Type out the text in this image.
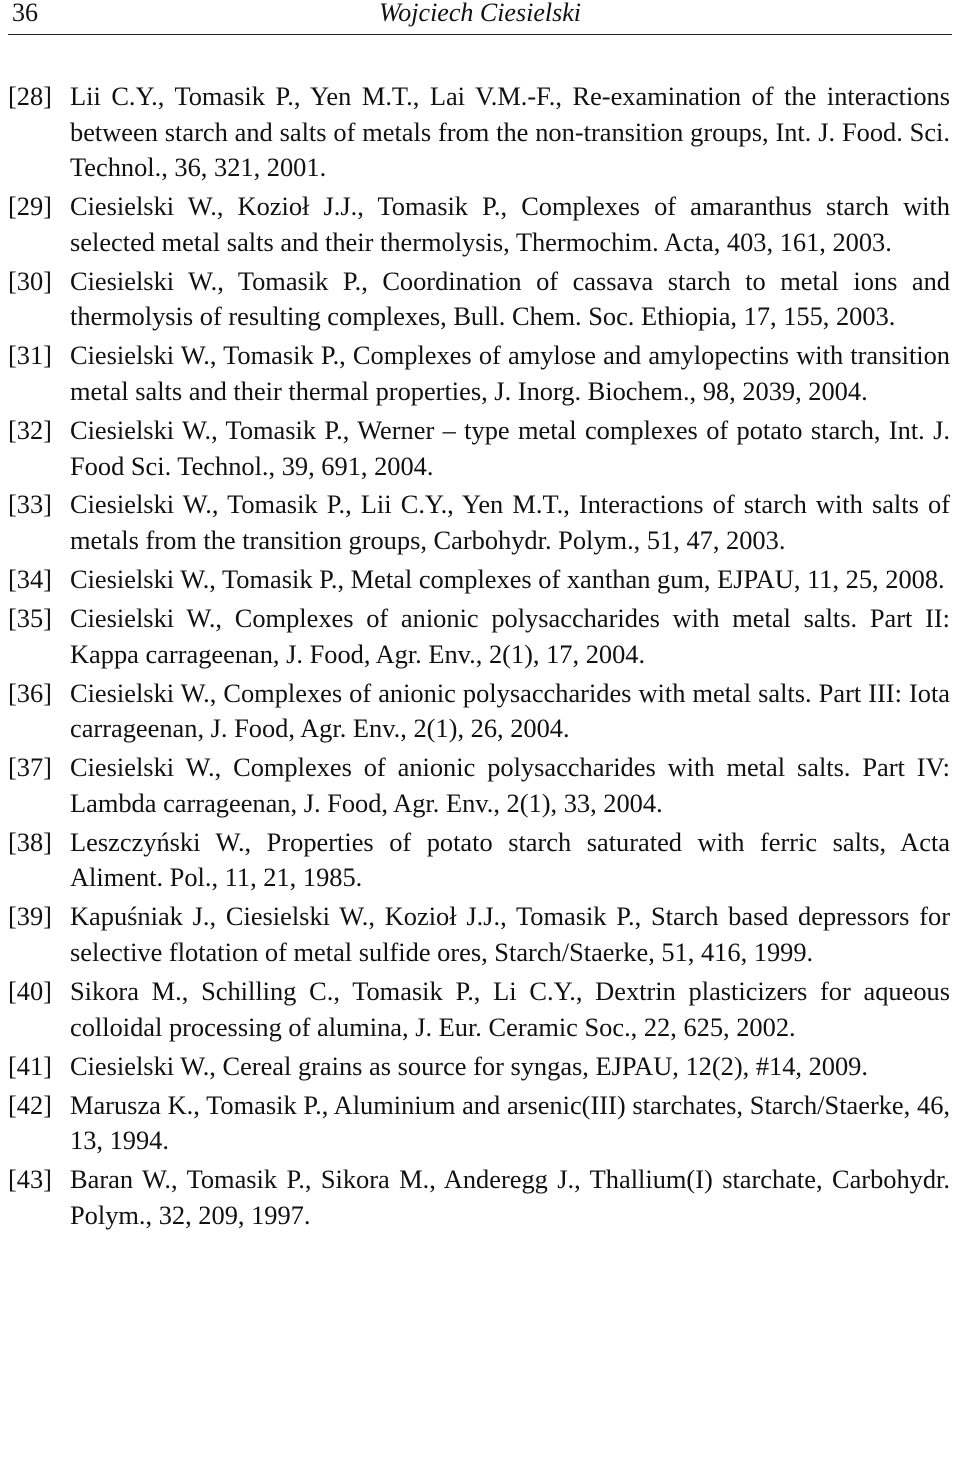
36	Wojciech Ciesielski
[28] Lii C.Y., Tomasik P., Yen M.T., Lai V.M.-F., Re-examination of the interactions between starch and salts of metals from the non-transition groups, Int. J. Food. Sci. Technol., 36, 321, 2001.
[29] Ciesielski W., Kozioł J.J., Tomasik P., Complexes of amaranthus starch with selected metal salts and their thermolysis, Thermochim. Acta, 403, 161, 2003.
[30] Ciesielski W., Tomasik P., Coordination of cassava starch to metal ions and thermolysis of resulting complexes, Bull. Chem. Soc. Ethiopia, 17, 155, 2003.
[31] Ciesielski W., Tomasik P., Complexes of amylose and amylopectins with transition metal salts and their thermal properties, J. Inorg. Biochem., 98, 2039, 2004.
[32] Ciesielski W., Tomasik P., Werner – type metal complexes of potato starch, Int. J. Food Sci. Technol., 39, 691, 2004.
[33] Ciesielski W., Tomasik P., Lii C.Y., Yen M.T., Interactions of starch with salts of metals from the transition groups, Carbohydr. Polym., 51, 47, 2003.
[34] Ciesielski W., Tomasik P., Metal complexes of xanthan gum, EJPAU, 11, 25, 2008.
[35] Ciesielski W., Complexes of anionic polysaccharides with metal salts. Part II: Kappa carrageenan, J. Food, Agr. Env., 2(1), 17, 2004.
[36] Ciesielski W., Complexes of anionic polysaccharides with metal salts. Part III: Iota carrageenan, J. Food, Agr. Env., 2(1), 26, 2004.
[37] Ciesielski W., Complexes of anionic polysaccharides with metal salts. Part IV: Lambda carrageenan, J. Food, Agr. Env., 2(1), 33, 2004.
[38] Leszczyński W., Properties of potato starch saturated with ferric salts, Acta Aliment. Pol., 11, 21, 1985.
[39] Kapuśniak J., Ciesielski W., Kozioł J.J., Tomasik P., Starch based depressors for selective flotation of metal sulfide ores, Starch/Staerke, 51, 416, 1999.
[40] Sikora M., Schilling C., Tomasik P., Li C.Y., Dextrin plasticizers for aqueous colloidal processing of alumina, J. Eur. Ceramic Soc., 22, 625, 2002.
[41] Ciesielski W., Cereal grains as source for syngas, EJPAU, 12(2), #14, 2009.
[42] Marusza K., Tomasik P., Aluminium and arsenic(III) starchates, Starch/Staerke, 46, 13, 1994.
[43] Baran W., Tomasik P., Sikora M., Anderegg J., Thallium(I) starchate, Carbohydr. Polym., 32, 209, 1997.
